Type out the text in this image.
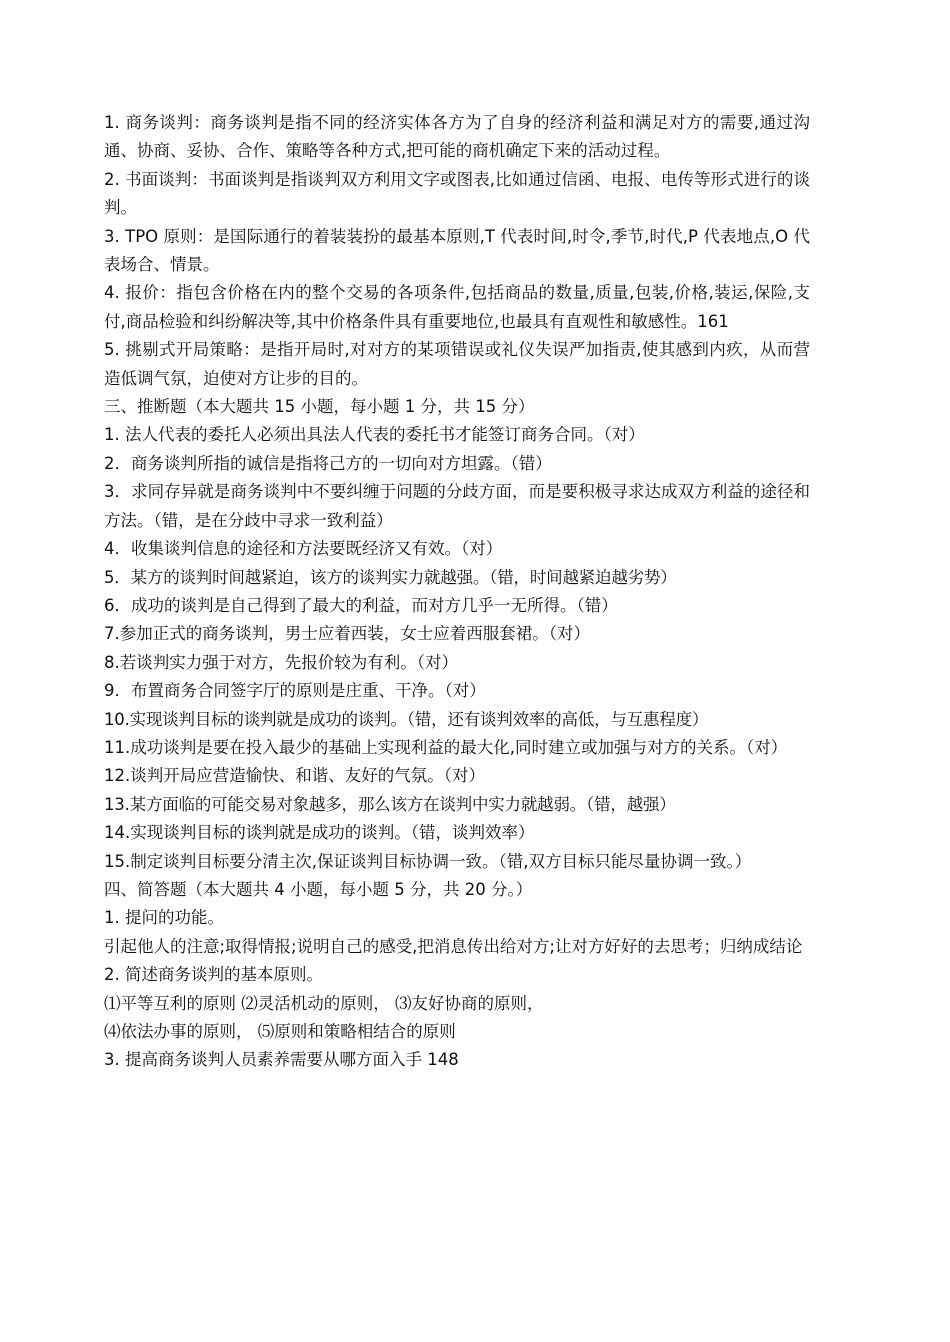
1. 商务谈判：商务谈判是指不同的经济实体各方为了自身的经济利益和满足对方的需要,通过沟通、协商、妥协、合作、策略等各种方式,把可能的商机确定下来的活动过程。

2. 书面谈判：书面谈判是指谈判双方利用文字或图表,比如通过信函、电报、电传等形式进行的谈判。

3. TPO 原则：是国际通行的着装装扮的最基本原则,T 代表时间,时令,季节,时代,P 代表地点,O 代表场合、情景。

4. 报价：指包含价格在内的整个交易的各项条件,包括商品的数量,质量,包装,价格,装运,保险,支付,商品检验和纠纷解决等,其中价格条件具有重要地位,也最具有直观性和敏感性。161

5. 挑剔式开局策略：是指开局时,对对方的某项错误或礼仪失误严加指责,使其感到内疚，从而营造低调气氛，迫使对方让步的目的。

三、推断题（本大题共 15 小题，每小题 1 分，共 15 分）

1. 法人代表的委托人必须出具法人代表的委托书才能签订商务合同。（对）

2．商务谈判所指的诚信是指将己方的一切向对方坦露。（错）

3．求同存异就是商务谈判中不要纠缠于问题的分歧方面，而是要积极寻求达成双方利益的途径和方法。（错，是在分歧中寻求一致利益）

4．收集谈判信息的途径和方法要既经济又有效。（对）

5．某方的谈判时间越紧迫，该方的谈判实力就越强。（错，时间越紧迫越劣势）

6．成功的谈判是自己得到了最大的利益，而对方几乎一无所得。（错）

7.参加正式的商务谈判，男士应着西装，女士应着西服套裙。（对）

8.若谈判实力强于对方，先报价较为有利。（对）

9．布置商务合同签字厅的原则是庄重、干净。（对）

10.实现谈判目标的谈判就是成功的谈判。（错，还有谈判效率的高低，与互惠程度）

11.成功谈判是要在投入最少的基础上实现利益的最大化,同时建立或加强与对方的关系。（对）

12.谈判开局应营造愉快、和谐、友好的气氛。（对）

13.某方面临的可能交易对象越多，那么该方在谈判中实力就越弱。（错，越强）

14.实现谈判目标的谈判就是成功的谈判。（错，谈判效率）

15.制定谈判目标要分清主次,保证谈判目标协调一致。（错,双方目标只能尽量协调一致。）

四、简答题（本大题共 4 小题，每小题 5 分，共 20 分。）

1. 提问的功能。

引起他人的注意;取得情报;说明自己的感受,把消息传出给对方;让对方好好的去思考；归纳成结论

2. 简述商务谈判的基本原则。

⑴平等互利的原则 ⑵灵活机动的原则， ⑶友好协商的原则，

⑷依法办事的原则， ⑸原则和策略相结合的原则

3. 提高商务谈判人员素养需要从哪方面入手 148
